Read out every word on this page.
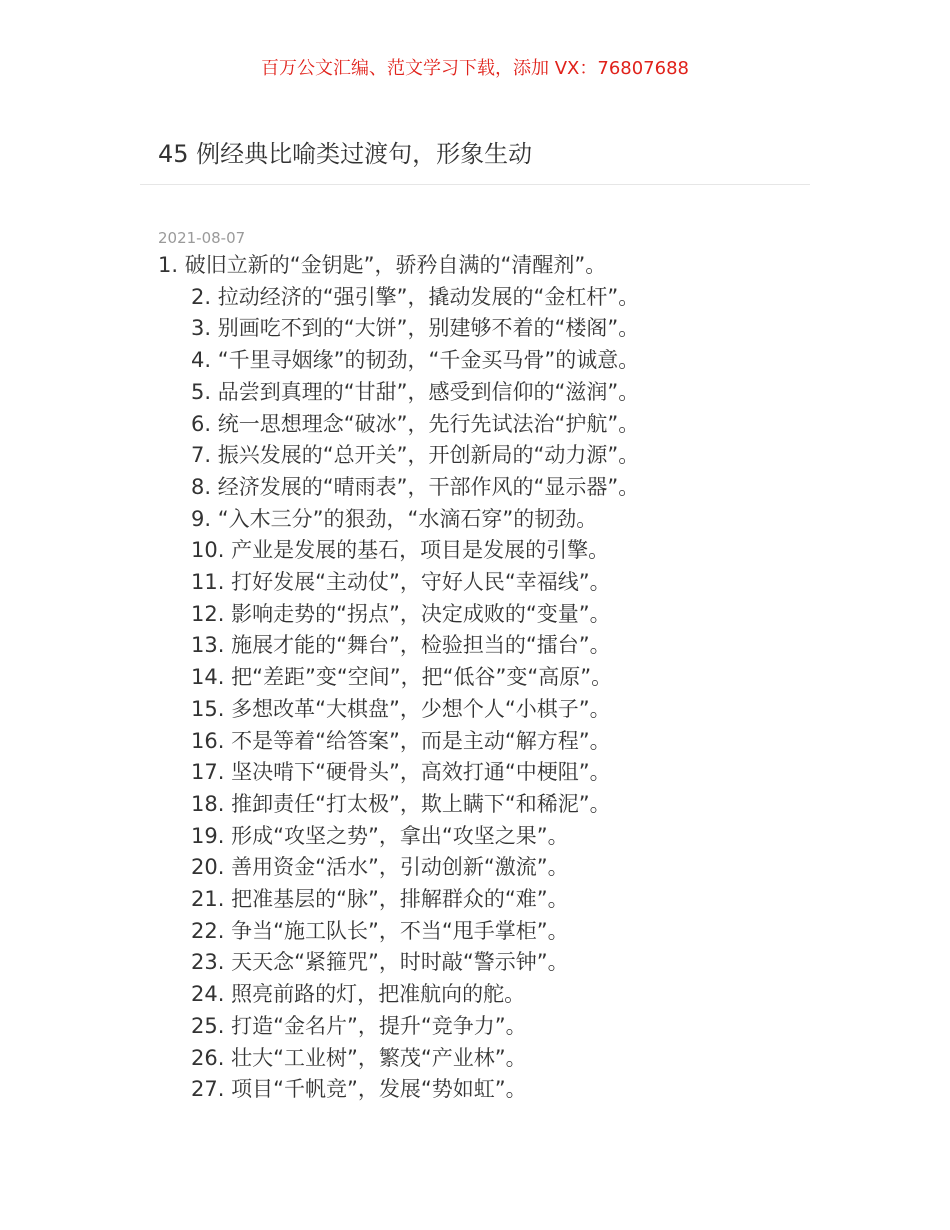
百万公文汇编、范文学习下载，添加 VX：76807688
45 例经典比喻类过渡句，形象生动
2021-08-07
1. 破旧立新的“金钥匙”，骄矜自满的“清醒剂”。
2. 拉动经济的“强引擎”，撬动发展的“金杠杆”。
3. 别画吃不到的“大饼”，别建够不着的“楼阁”。
4. “千里寻姻缘”的韧劲，“千金买马骨”的诚意。
5. 品尝到真理的“甘甜”，感受到信仰的“滋润”。
6. 统一思想理念“破冰”，先行先试法治“护航”。
7. 振兴发展的“总开关”，开创新局的“动力源”。
8. 经济发展的“晴雨表”，干部作风的“显示器”。
9. “入木三分”的狠劲，“水滴石穿”的韧劲。
10. 产业是发展的基石，项目是发展的引擎。
11. 打好发展“主动仗”，守好人民“幸福线”。
12. 影响走势的“拐点”，决定成败的“变量”。
13. 施展才能的“舞台”，检验担当的“擂台”。
14. 把“差距”变“空间”，把“低谷”变“高原”。
15. 多想改革“大棋盘”，少想个人“小棋子”。
16. 不是等着“给答案”，而是主动“解方程”。
17. 坚决啃下“硬骨头”，高效打通“中梗阻”。
18. 推卸责任“打太极”，欺上瞒下“和稀泥”。
19. 形成“攻坚之势”，拿出“攻坚之果”。
20. 善用资金“活水”，引动创新“激流”。
21. 把准基层的“脉”，排解群众的“难”。
22. 争当“施工队长”，不当“甩手掌柜”。
23. 天天念“紧箍咒”，时时敲“警示钟”。
24. 照亮前路的灯，把准航向的舵。
25. 打造“金名片”，提升“竞争力”。
26. 壮大“工业树”，繁茂“产业林”。
27. 项目“千帆竞”，发展“势如虹”。
